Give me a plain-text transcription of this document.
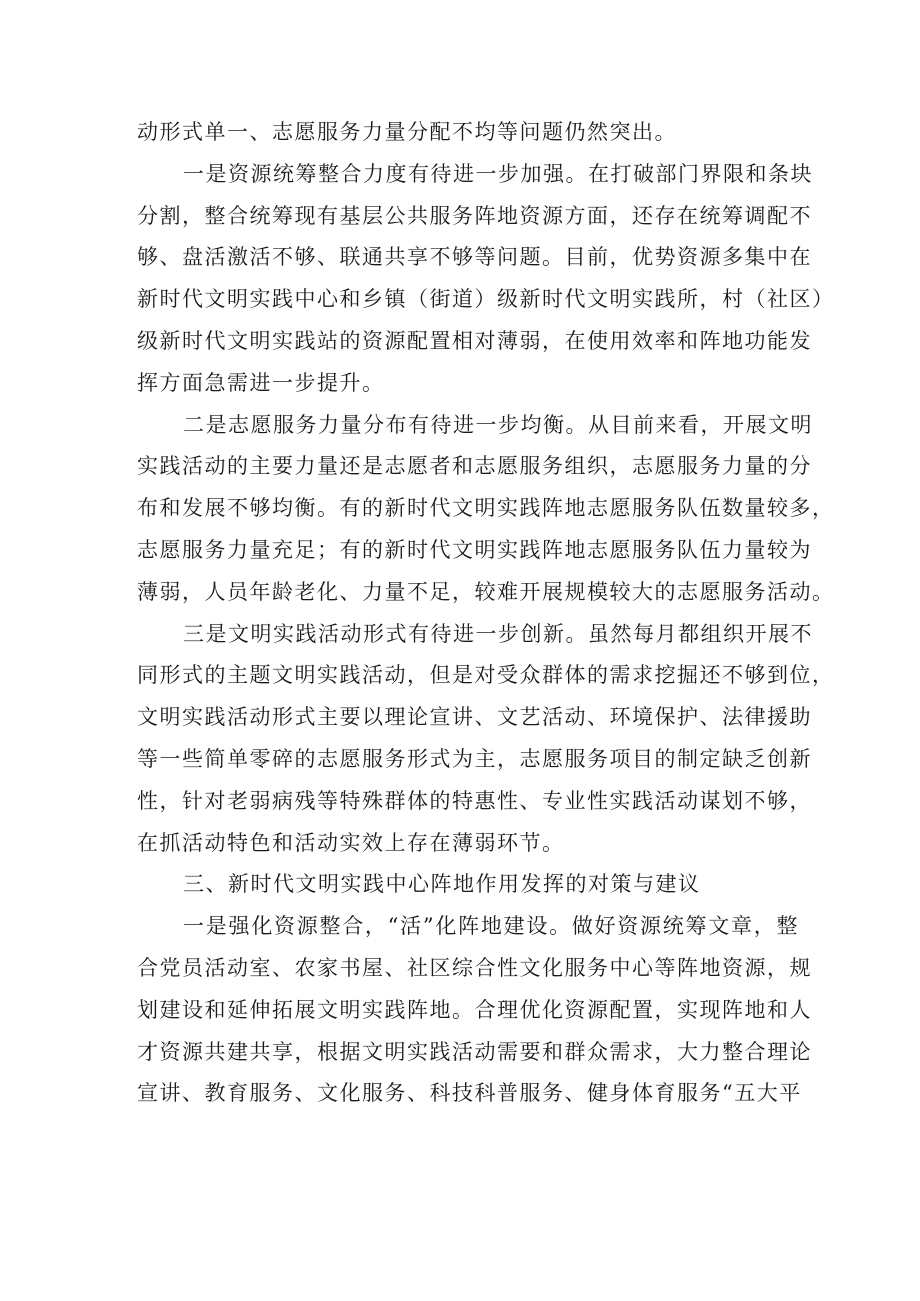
动形式单一、志愿服务力量分配不均等问题仍然突出。
一是资源统筹整合力度有待进一步加强。在打破部门界限和条块
分割，整合统筹现有基层公共服务阵地资源方面，还存在统筹调配不
够、盘活激活不够、联通共享不够等问题。目前，优势资源多集中在
新时代文明实践中心和乡镇（街道）级新时代文明实践所，村（社区）
级新时代文明实践站的资源配置相对薄弱，在使用效率和阵地功能发
挥方面急需进一步提升。
二是志愿服务力量分布有待进一步均衡。从目前来看，开展文明
实践活动的主要力量还是志愿者和志愿服务组织，志愿服务力量的分
布和发展不够均衡。有的新时代文明实践阵地志愿服务队伍数量较多，
志愿服务力量充足；有的新时代文明实践阵地志愿服务队伍力量较为
薄弱，人员年龄老化、力量不足，较难开展规模较大的志愿服务活动。
三是文明实践活动形式有待进一步创新。虽然每月都组织开展不
同形式的主题文明实践活动，但是对受众群体的需求挖掘还不够到位，
文明实践活动形式主要以理论宣讲、文艺活动、环境保护、法律援助
等一些简单零碎的志愿服务形式为主，志愿服务项目的制定缺乏创新
性，针对老弱病残等特殊群体的特惠性、专业性实践活动谋划不够，
在抓活动特色和活动实效上存在薄弱环节。
三、新时代文明实践中心阵地作用发挥的对策与建议
一是强化资源整合，“活”化阵地建设。做好资源统筹文章，整
合党员活动室、农家书屋、社区综合性文化服务中心等阵地资源，规
划建设和延伸拓展文明实践阵地。合理优化资源配置，实现阵地和人
才资源共建共享，根据文明实践活动需要和群众需求，大力整合理论
宣讲、教育服务、文化服务、科技科普服务、健身体育服务“五大平
